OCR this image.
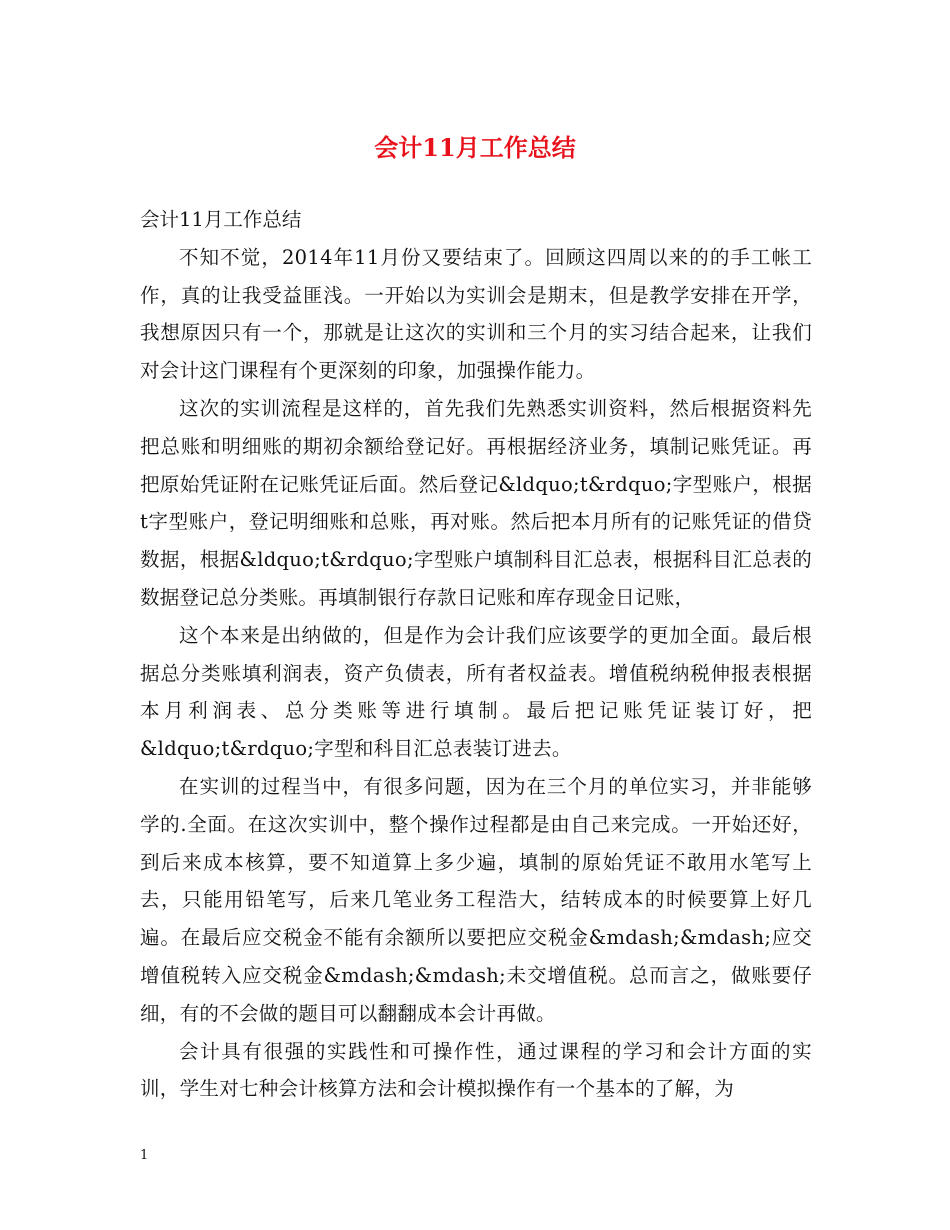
会计11月工作总结

会计11月工作总结

不知不觉，2014年11月份又要结束了。回顾这四周以来的的手工帐工作，真的让我受益匪浅。一开始以为实训会是期末，但是教学安排在开学，我想原因只有一个，那就是让这次的实训和三个月的实习结合起来，让我们对会计这门课程有个更深刻的印象，加强操作能力。

这次的实训流程是这样的，首先我们先熟悉实训资料，然后根据资料先把总账和明细账的期初余额给登记好。再根据经济业务，填制记账凭证。再把原始凭证附在记账凭证后面。然后登记&ldquo;t&rdquo;字型账户，根据t字型账户，登记明细账和总账，再对账。然后把本月所有的记账凭证的借贷数据，根据&ldquo;t&rdquo;字型账户填制科目汇总表，根据科目汇总表的数据登记总分类账。再填制银行存款日记账和库存现金日记账，

这个本来是出纳做的，但是作为会计我们应该要学的更加全面。最后根据总分类账填利润表，资产负债表，所有者权益表。增值税纳税伸报表根据本月利润表、总分类账等进行填制。最后把记账凭证装订好，把&ldquo;t&rdquo;字型和科目汇总表装订进去。

在实训的过程当中，有很多问题，因为在三个月的单位实习，并非能够学的.全面。在这次实训中，整个操作过程都是由自己来完成。一开始还好，到后来成本核算，要不知道算上多少遍，填制的原始凭证不敢用水笔写上去，只能用铅笔写，后来几笔业务工程浩大，结转成本的时候要算上好几遍。在最后应交税金不能有余额所以要把应交税金&mdash;&mdash;应交增值税转入应交税金&mdash;&mdash;未交增值税。总而言之，做账要仔细，有的不会做的题目可以翻翻成本会计再做。

会计具有很强的实践性和可操作性，通过课程的学习和会计方面的实训，学生对七种会计核算方法和会计模拟操作有一个基本的了解，为

1
